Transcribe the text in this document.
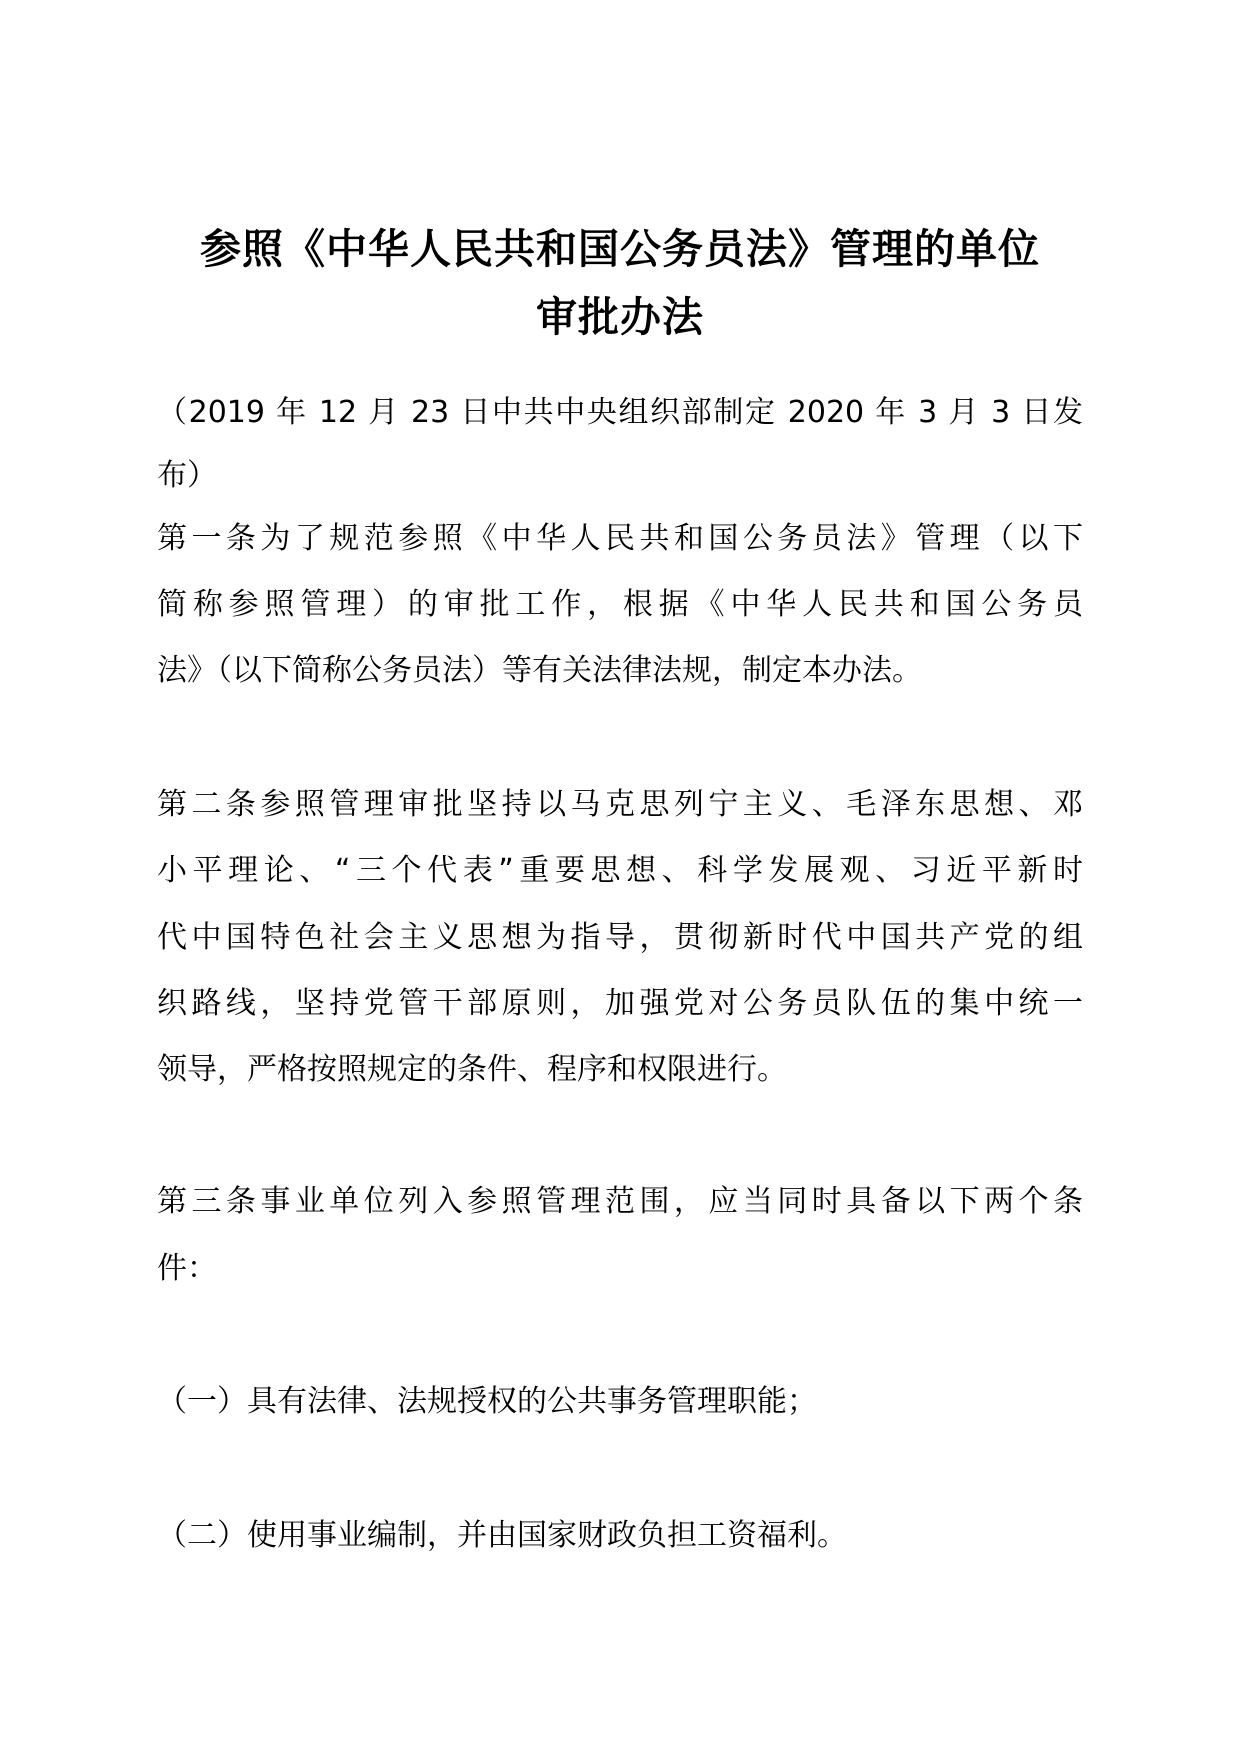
参照《中华人民共和国公务员法》管理的单位
审批办法
（2019 年 12 月 23 日中共中央组织部制定 2020 年 3 月 3 日发
布）
第一条为了规范参照《中华人民共和国公务员法》管理（以下
简称参照管理）的审批工作，根据《中华人民共和国公务员
法》（以下简称公务员法）等有关法律法规，制定本办法。
第二条参照管理审批坚持以马克思列宁主义、毛泽东思想、邓
小平理论、“三个代表”重要思想、科学发展观、习近平新时
代中国特色社会主义思想为指导，贯彻新时代中国共产党的组
织路线，坚持党管干部原则，加强党对公务员队伍的集中统一
领导，严格按照规定的条件、程序和权限进行。
第三条事业单位列入参照管理范围，应当同时具备以下两个条
件：
（一）具有法律、法规授权的公共事务管理职能；
（二）使用事业编制，并由国家财政负担工资福利。
